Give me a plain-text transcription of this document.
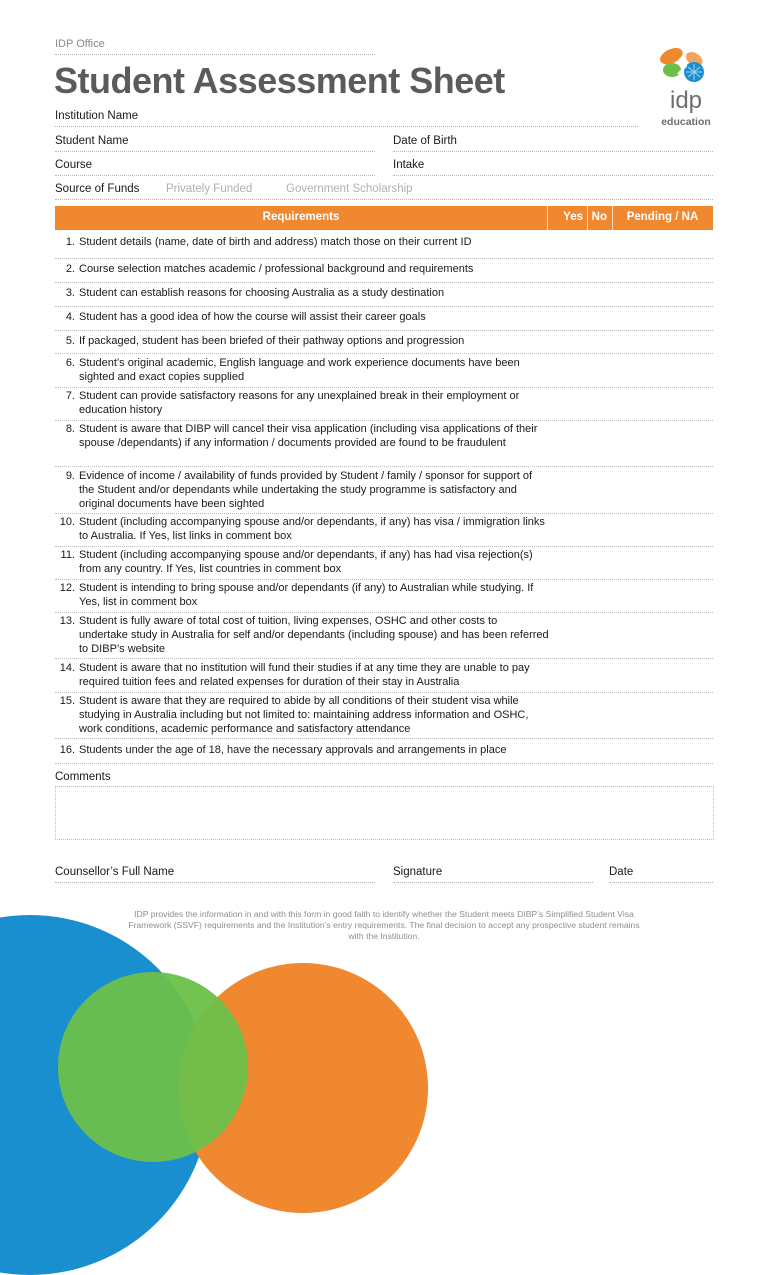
IDP Office
Student Assessment Sheet	idp
education
Institution Name
Student Name	Date of Birth
Course	Intake
Source of Funds Privately Funded	Government Scholarship
Requirements	Yes No	Pending / NA
1. Student details (name, date of birth and address) match those on their current ID
2. Course selection matches academic / professional background and requirements
3. Student can establish reasons for choosing Australia as a study destination
4. Student has a good idea of how the course will assist their career goals
5. If packaged, student has been briefed of their pathway options and progression
6. Student’s original academic, English language and work experience documents have been sighted and exact copies supplied
7. Student can provide satisfactory reasons for any unexplained break in their employment or education history
8. Student is aware that DIBP will cancel their visa application (including visa applications of their spouse /dependants) if any information / documents provided are found to be fraudulent
9. Evidence of income / availability of funds provided by Student / family / sponsor for support of the Student and/or dependants while undertaking the study programme is satisfactory and original documents have been sighted
10. Student (including accompanying spouse and/or dependants, if any) has visa / immigration links to Australia. If Yes, list links in comment box
11. Student (including accompanying spouse and/or dependants, if any) has had visa rejection(s) from any country. If Yes, list countries in comment box
12. Student is intending to bring spouse and/or dependants (if any) to Australian while studying. If Yes, list in comment box
13. Student is fully aware of total cost of tuition, living expenses, OSHC and other costs to undertake study in Australia for self and/or dependants (including spouse) and has been referred to DIBP’s website
14. Student is aware that no institution will fund their studies if at any time they are unable to pay required tuition fees and related expenses for duration of their stay in Australia
15. Student is aware that they are required to abide by all conditions of their student visa while studying in Australia including but not limited to: maintaining address information and OSHC, work conditions, academic performance and satisfactory attendance
16. Students under the age of 18, have the necessary approvals and arrangements in place
Comments
Counsellor’s Full Name	Signature	Date
IDP provides the information in and with this form in good faith to identify whether the Student meets DIBP’s Simplified Student Visa Framework (SSVF) requirements and the Institution’s entry requirements. The final decision to accept any prospective student remains with the Institution.
